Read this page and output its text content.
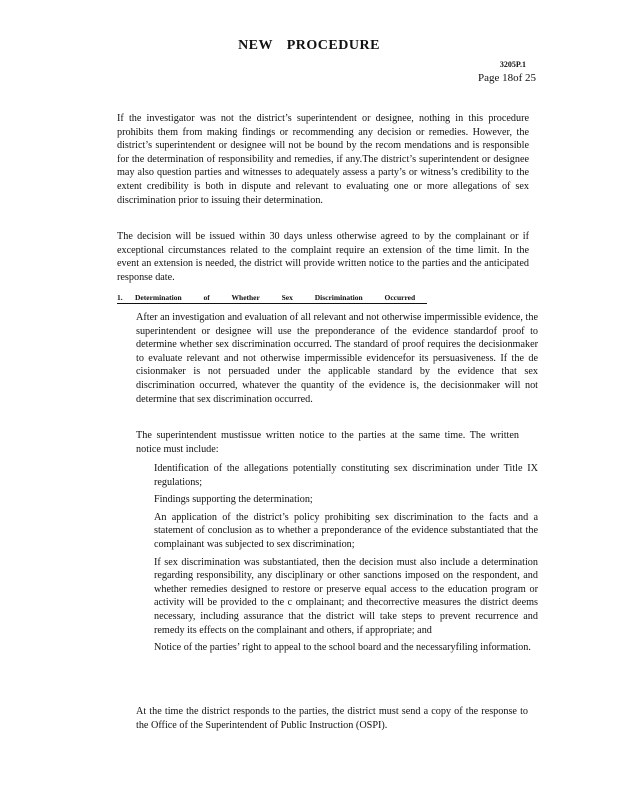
NEW PROCEDURE
3205P.1
Page 18of 25

If the investigator was not the district’s superintendent or designee, nothing in this procedure prohibits them from making findings or recommending any decision or remedies. However, the district’s superintendent or designee will not be bound by the recom mendations and is responsible for the determination of responsibility and remedies, if any.The district’s superintendent or designee may also question parties and witnesses to adequately assess a party’s or witness’s credibility to the extent credibility is both in dispute and relevant to evaluating one or more allegations of sex discrimination prior to issuing their determination.

The decision will be issued within 30 days unless otherwise agreed to by the complainant or if exceptional circumstances related to the complaint require an extension of the time limit. In the event an extension is needed, the district will provide written notice to the parties and the anticipated response date.

1. Determination of Whether Sex Discrimination Occurred

After an investigation and evaluation of all relevant and not otherwise impermissible evidence, the superintendent or designee will use the preponderance of the evidence standardof proof to determine whether sex discrimination occurred. The standard of proof requires the decisionmaker to evaluate relevant and not otherwise impermissible evidencefor its persuasiveness. If the de cisionmaker is not persuaded under the applicable standard by the evidence that sex discrimination occurred, whatever the quantity of the evidence is, the decisionmaker will not determine that sex discrimination occurred.

The superintendent mustissue written notice to the parties at the same time. The written notice must include:

Identification of the allegations potentially constituting sex discrimination under Title IX regulations;
Findings supporting the determination;
An application of the district’s policy prohibiting sex discrimination to the facts and a statement of conclusion as to whether a preponderance of the evidence substantiated that the complainant was subjected to sex discrimination;
If sex discrimination was substantiated, then the decision must also include a determination regarding responsibility, any disciplinary or other sanctions imposed on the respondent, and whether remedies designed to restore or preserve equal access to the education program or activity will be provided to the c omplainant; and thecorrective measures the district deems necessary, including assurance that the district will take steps to prevent recurrence and remedy its effects on the complainant and others, if appropriate; and
Notice of the parties’ right to appeal to the school board and the necessaryfiling information.

At the time the district responds to the parties, the district must send a copy of the response to the Office of the Superintendent of Public Instruction (OSPI).
